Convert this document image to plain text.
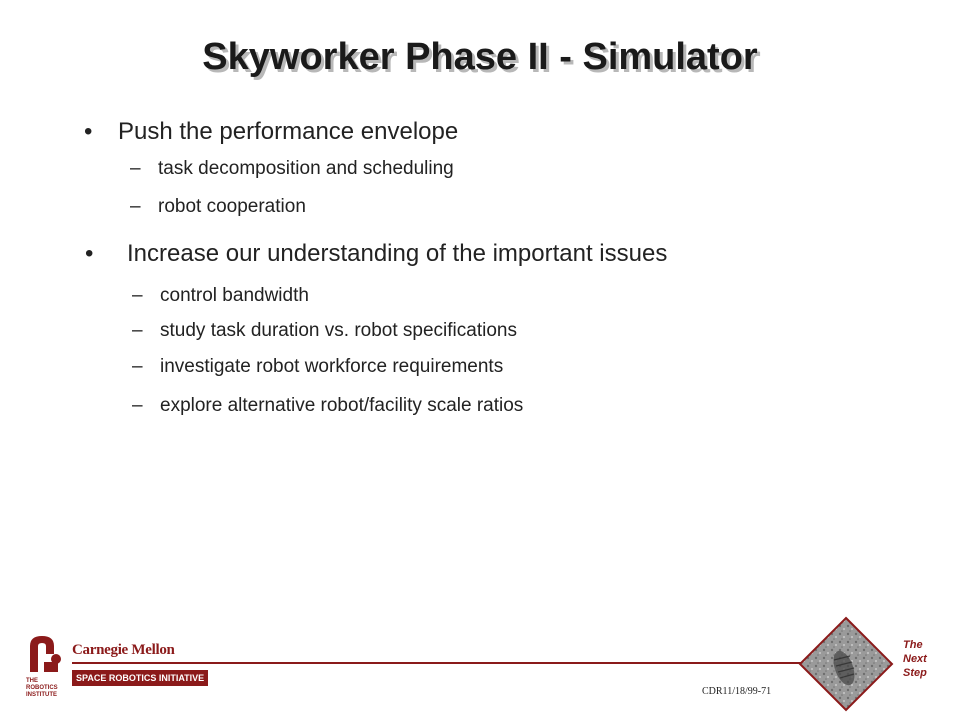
Skyworker Phase II - Simulator
• Push the performance envelope
– task decomposition and scheduling
– robot cooperation
• Increase our understanding of the important issues
– control bandwidth
– study task duration vs. robot specifications
– investigate robot workforce requirements
– explore alternative robot/facility scale ratios
THE
ROBOTICS
INSTITUTE
Carnegie Mellon
SPACE ROBOTICS INITIATIVE
CDR11/18/99-71
The
Next
Step
